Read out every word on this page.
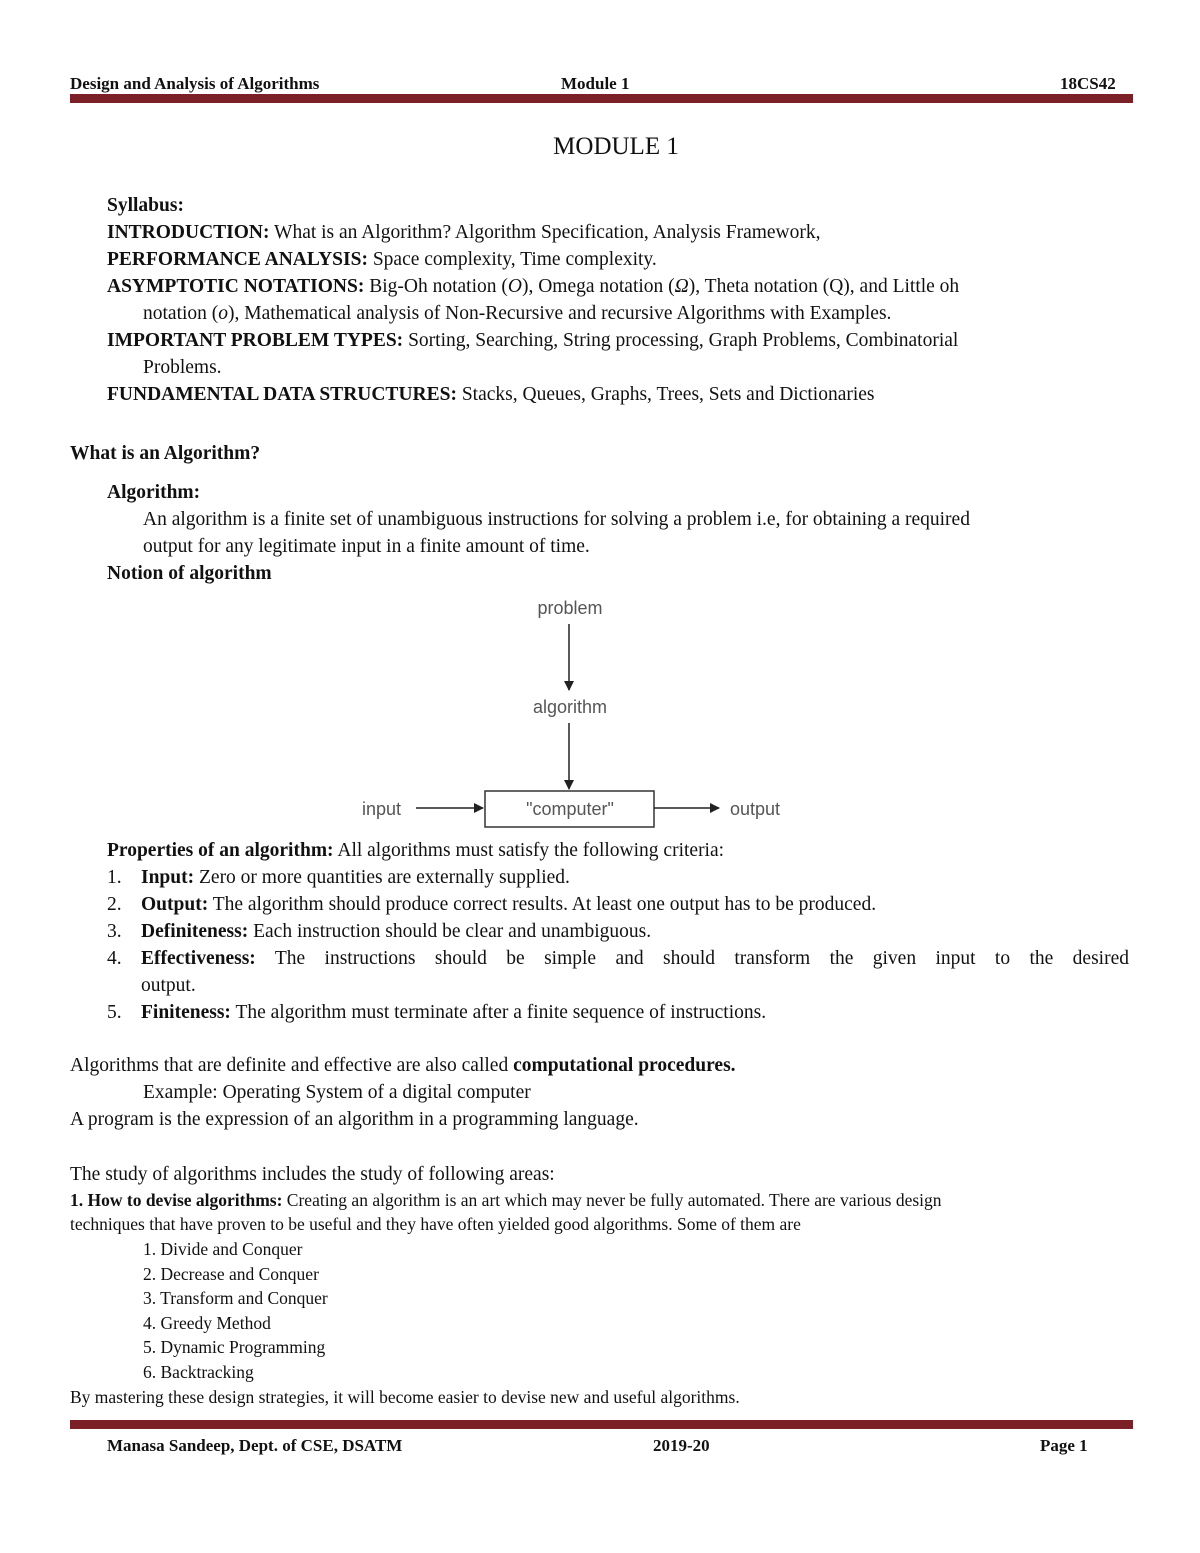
Design and Analysis of Algorithms	Module 1	18CS42
MODULE 1
Syllabus:
INTRODUCTION: What is an Algorithm? Algorithm Specification, Analysis Framework,
PERFORMANCE ANALYSIS: Space complexity, Time complexity.
ASYMPTOTIC NOTATIONS: Big-Oh notation (O), Omega notation (Ω), Theta notation (Q), and Little oh
notation (o), Mathematical analysis of Non-Recursive and recursive Algorithms with Examples.
IMPORTANT PROBLEM TYPES: Sorting, Searching, String processing, Graph Problems, Combinatorial
Problems.
FUNDAMENTAL DATA STRUCTURES: Stacks, Queues, Graphs, Trees, Sets and Dictionaries
What is an Algorithm?
Algorithm:
An algorithm is a finite set of unambiguous instructions for solving a problem i.e, for obtaining a required
output for any legitimate input in a finite amount of time.
Notion of algorithm
problem
algorithm
"computer"
input	output
Properties of an algorithm: All algorithms must satisfy the following criteria:
1. Input: Zero or more quantities are externally supplied.
2. Output: The algorithm should produce correct results. At least one output has to be produced.
3. Definiteness: Each instruction should be clear and unambiguous.
4. Effectiveness: The instructions should be simple and should transform the given input to the desired
output.
5. Finiteness: The algorithm must terminate after a finite sequence of instructions.
Algorithms that are definite and effective are also called computational procedures.
Example: Operating System of a digital computer
A program is the expression of an algorithm in a programming language.
The study of algorithms includes the study of following areas:
1. How to devise algorithms: Creating an algorithm is an art which may never be fully automated. There are various design
techniques that have proven to be useful and they have often yielded good algorithms. Some of them are
1. Divide and Conquer
2. Decrease and Conquer
3. Transform and Conquer
4. Greedy Method
5. Dynamic Programming
6. Backtracking
By mastering these design strategies, it will become easier to devise new and useful algorithms.
Manasa Sandeep, Dept. of CSE, DSATM	2019-20	Page 1
